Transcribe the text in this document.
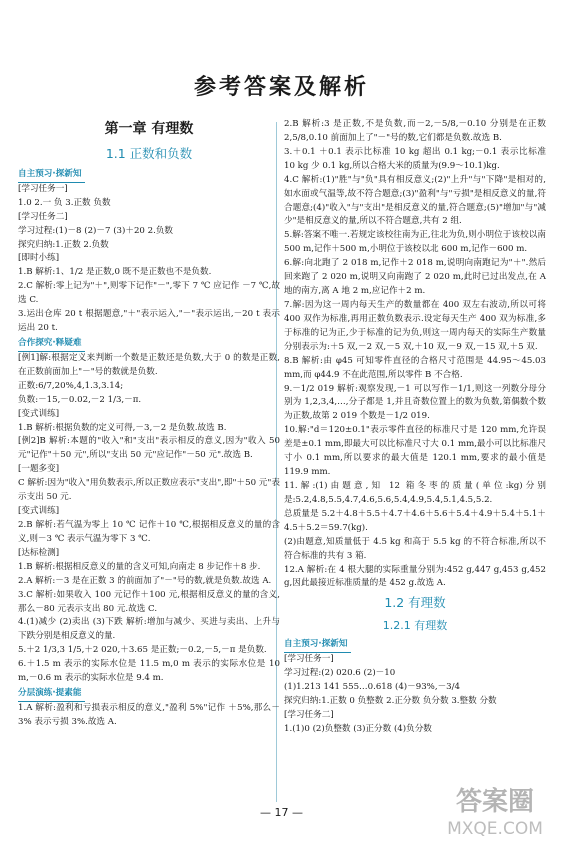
参考答案及解析
第一章 有理数
1.1 正数和负数
自主预习·探新知

[学习任务一]
1.0 2.一 负 3.正数 负数
[学习任务二]
学习过程:(1)－8 (2)－7 (3)＋20 2.负数
探究归纳:1.正数 2.负数
[即时小练]
1.B 解析:1、1/2 是正数,0 既不是正数也不是负数.
2.C 解析:零上记为"＋",则零下记作"－",零下 7 ℃ 应记作 －7 ℃,故选 C.
3.运出仓库 20 t 根据题意,"＋"表示运入,"－"表示运出,－20 t 表示运出 20 t.
合作探究·释疑难

[例1]解:根据定义来判断一个数是正数还是负数,大于 0 的数是正数,在正数前面加上"－"号的数就是负数.
正数:6/7,20%,4,1.3,3.14;
负数:－15,－0.02,－2 1/3,－π.
[变式训练]
1.B 解析:根据负数的定义可得,－3,－2 是负数.故选 B.
[例2]B 解析:本题的"收入"和"支出"表示相反的意义,因为"收入 50 元"记作"＋50 元",所以"支出 50 元"应记作"－50 元".故选 B.
[一题多变]
C 解析:因为"收入"用负数表示,所以正数应表示"支出",即"＋50 元"表示支出 50 元.
[变式训练]
2.B 解析:若气温为零上 10 ℃ 记作＋10 ℃,根据相反意义的量的含义,则－3 ℃ 表示气温为零下 3 ℃.
[达标检测]
1.B 解析:根据相反意义的量的含义可知,向南走 8 步记作＋8 步.
2.A 解析:－3 是在正数 3 的前面加了"－"号的数,就是负数.故选 A.
3.C 解析:如果收入 100 元记作＋100 元,根据相反意义的量的含义,那么－80 元表示支出 80 元.故选 C.
4.(1)减少 (2)卖出 (3)下跌 解析:增加与减少、买进与卖出、上升与下跌分别是相反意义的量.
5.＋2 1/3,3 1/5,＋2 020,＋3.65 是正数;－0.2,－5,－π 是负数.
6.＋1.5 m 表示的实际水位是 11.5 m,0 m 表示的实际水位是 10 m,－0.6 m 表示的实际水位是 9.4 m.
分层演练·提素能

1.A 解析:盈利和亏损表示相反的意义,"盈利 5%"记作 ＋5%,那么－3% 表示亏损 3%.故选 A.
2.B 解析:3 是正数,不是负数,而－2,－5/8,－0.10 分别是在正数 2,5/8,0.10 前面加上了"－"号的数,它们都是负数.故选 B.
3.＋0.1 ＋0.1 表示比标准 10 kg 超出 0.1 kg;－0.1 表示比标准 10 kg 少 0.1 kg,所以合格大米的质量为(9.9～10.1)kg.
4.C 解析:(1)"胜"与"负"具有相反意义;(2)"上升"与"下降"是相对的,如水面或气温等,故不符合题意;(3)"盈利"与"亏损"是相反意义的量,符合题意;(4)"收入"与"支出"是相反意义的量,符合题意;(5)"增加"与"减少"是相反意义的量,所以不符合题意,共有 2 组.
5.解:答案不唯一.若规定该校往南为正,往北为负,则小明位于该校以南 500 m,记作＋500 m,小明位于该校以北 600 m,记作－600 m.
6.解:向北跑了 2 018 m,记作＋2 018 m,说明向南跑记为"＋".然后回来跑了 2 020 m,说明又向南跑了 2 020 m,此时已过出发点,在 A 地的南方,离 A 地 2 m,应记作＋2 m.
7.解:因为这一周内每天生产的数量都在 400 双左右波动,所以可将 400 双作为标准,再用正数负数表示.设定每天生产 400 双为标准,多于标准的记为正,少于标准的记为负,则这一周内每天的实际生产数量分别表示为:＋5 双,－2 双,－5 双,＋10 双,－9 双,－15 双,＋5 双.
8.B 解析:由 φ45 可知零件直径的合格尺寸范围是 44.95～45.03 mm,而 φ44.9 不在此范围,所以零件 B 不合格.
9.－1/2 019 解析:观察发现,－1 可以写作－1/1,则这一列数分母分别为 1,2,3,4,…,分子都是 1,并且奇数位置上的数为负数,第偶数个数为正数,故第 2 019 个数是－1/2 019.
10.解:"d＝120±0.1"表示零件直径的标准尺寸是 120 mm,允许误差是±0.1 mm,即最大可以比标准尺寸大 0.1 mm,最小可以比标准尺寸小 0.1 mm,所以要求的最大值是 120.1 mm,要求的最小值是 119.9 mm.
11.解:(1)由题意,知 12 箱冬枣的质量(单位:kg)分别是:5.2,4.8,5.5,4.7,4.6,5.6,5.4,4.9,5.4,5.1,4.5,5.2.
总质量是 5.2＋4.8＋5.5＋4.7＋4.6＋5.6＋5.4＋4.9＋5.4＋5.1＋4.5＋5.2＝59.7(kg).
(2)由题意,知质量低于 4.5 kg 和高于 5.5 kg 的不符合标准,所以不符合标准的共有 3 箱.
12.A 解析:在 4 根大腿的实际重量分别为:452 g,447 g,453 g,452 g,因此最接近标准质量的是 452 g.故选 A.
1.2 有理数
1.2.1 有理数
自主预习·探新知

[学习任务一]
学习过程:(2) 020.6 (2)－10
(1)1.213 141 555…0.618 (4)－93%,－3/4
探究归纳:1.正数 0 负整数 2.正分数 负分数 3.整数 分数
[学习任务二]
1.(1)0 (2)负整数 (3)正分数 (4)负分数
— 17 —	答案圈
MXQE.COM
